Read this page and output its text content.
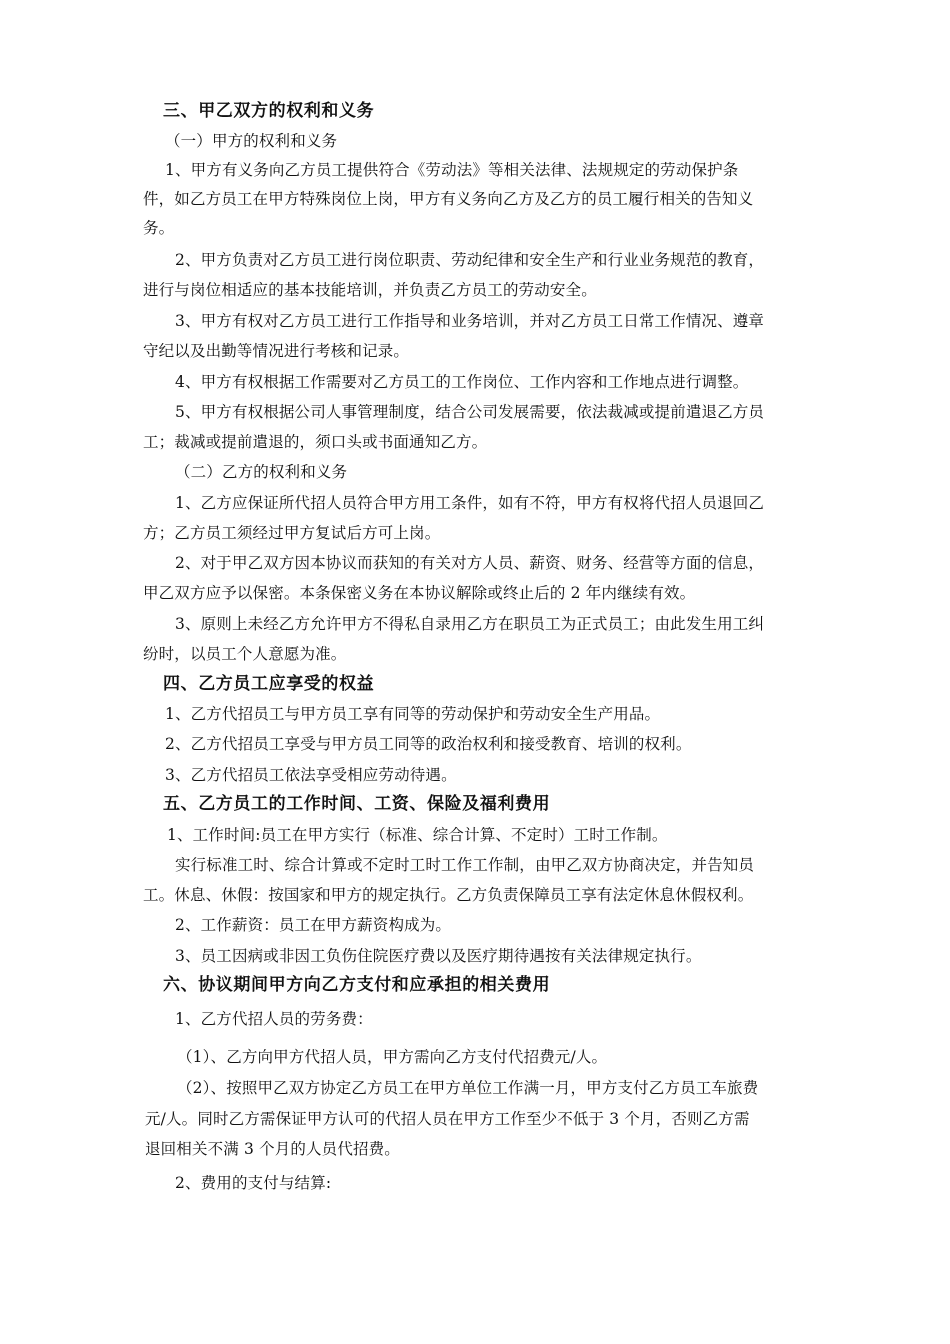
三、甲乙双方的权利和义务

（一）甲方的权利和义务

1、甲方有义务向乙方员工提供符合《劳动法》等相关法律、法规规定的劳动保护条

件，如乙方员工在甲方特殊岗位上岗，甲方有义务向乙方及乙方的员工履行相关的告知义

务。

2、甲方负责对乙方员工进行岗位职责、劳动纪律和安全生产和行业业务规范的教育，

进行与岗位相适应的基本技能培训，并负责乙方员工的劳动安全。

3、甲方有权对乙方员工进行工作指导和业务培训，并对乙方员工日常工作情况、遵章

守纪以及出勤等情况进行考核和记录。

4、甲方有权根据工作需要对乙方员工的工作岗位、工作内容和工作地点进行调整。

5、甲方有权根据公司人事管理制度，结合公司发展需要，依法裁减或提前遣退乙方员

工；裁减或提前遣退的，须口头或书面通知乙方。

（二）乙方的权利和义务

1、乙方应保证所代招人员符合甲方用工条件，如有不符，甲方有权将代招人员退回乙

方；乙方员工须经过甲方复试后方可上岗。

2、对于甲乙双方因本协议而获知的有关对方人员、薪资、财务、经营等方面的信息，

甲乙双方应予以保密。本条保密义务在本协议解除或终止后的 2 年内继续有效。

3、原则上未经乙方允许甲方不得私自录用乙方在职员工为正式员工；由此发生用工纠

纷时，以员工个人意愿为准。

四、乙方员工应享受的权益

1、乙方代招员工与甲方员工享有同等的劳动保护和劳动安全生产用品。

2、乙方代招员工享受与甲方员工同等的政治权利和接受教育、培训的权利。

3、乙方代招员工依法享受相应劳动待遇。

五、乙方员工的工作时间、工资、保险及福利费用

1、工作时间:员工在甲方实行（标准、综合计算、不定时）工时工作制。

实行标准工时、综合计算或不定时工时工作工作制，由甲乙双方协商决定，并告知员

工。休息、休假：按国家和甲方的规定执行。乙方负责保障员工享有法定休息休假权利。

2、工作薪资：员工在甲方薪资构成为。

3、员工因病或非因工负伤住院医疗费以及医疗期待遇按有关法律规定执行。

六、协议期间甲方向乙方支付和应承担的相关费用

1、乙方代招人员的劳务费：

（1）、乙方向甲方代招人员，甲方需向乙方支付代招费元/人。

（2）、按照甲乙双方协定乙方员工在甲方单位工作满一月，甲方支付乙方员工车旅费

元/人。同时乙方需保证甲方认可的代招人员在甲方工作至少不低于 3 个月，否则乙方需

退回相关不满 3 个月的人员代招费。

2、费用的支付与结算:
